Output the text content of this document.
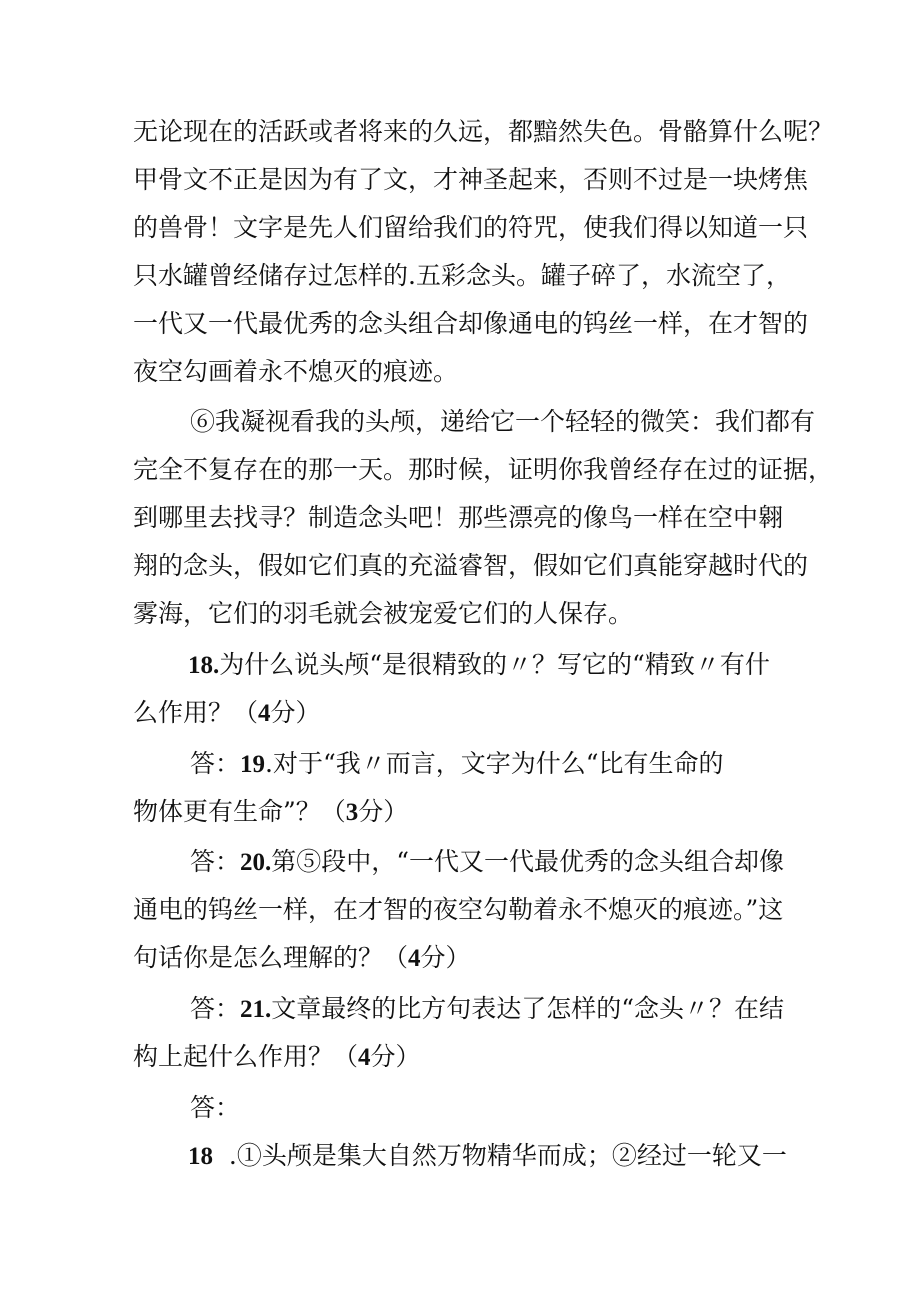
无论现在的活跃或者将来的久远，都黯然失色。骨骼算什么呢？
甲骨文不正是因为有了文，才神圣起来，否则不过是一块烤焦
的兽骨！文字是先人们留给我们的符咒，使我们得以知道一只
只水罐曾经储存过怎样的.五彩念头。罐子碎了，水流空了，
一代又一代最优秀的念头组合却像通电的钨丝一样，在才智的
夜空勾画着永不熄灭的痕迹。
⑥我凝视看我的头颅，递给它一个轻轻的微笑：我们都有
完全不复存在的那一天。那时候，证明你我曾经存在过的证据，
到哪里去找寻？制造念头吧！那些漂亮的像鸟一样在空中翱
翔的念头，假如它们真的充溢睿智，假如它们真能穿越时代的
雾海，它们的羽毛就会被宠爱它们的人保存。
18.为什么说头颅“是很精致的〃？写它的“精致〃有什
么作用？（4分）
答：19.对于“我〃而言，文字为什么“比有生命的
物体更有生命”？（3分）
答：20.第⑤段中，“一代又一代最优秀的念头组合却像
通电的钨丝一样，在才智的夜空勾勒着永不熄灭的痕迹。”这
句话你是怎么理解的？（4分）
答：21.文章最终的比方句表达了怎样的“念头〃？在结
构上起什么作用？（4分）
答：
18  .①头颅是集大自然万物精华而成；②经过一轮又一
